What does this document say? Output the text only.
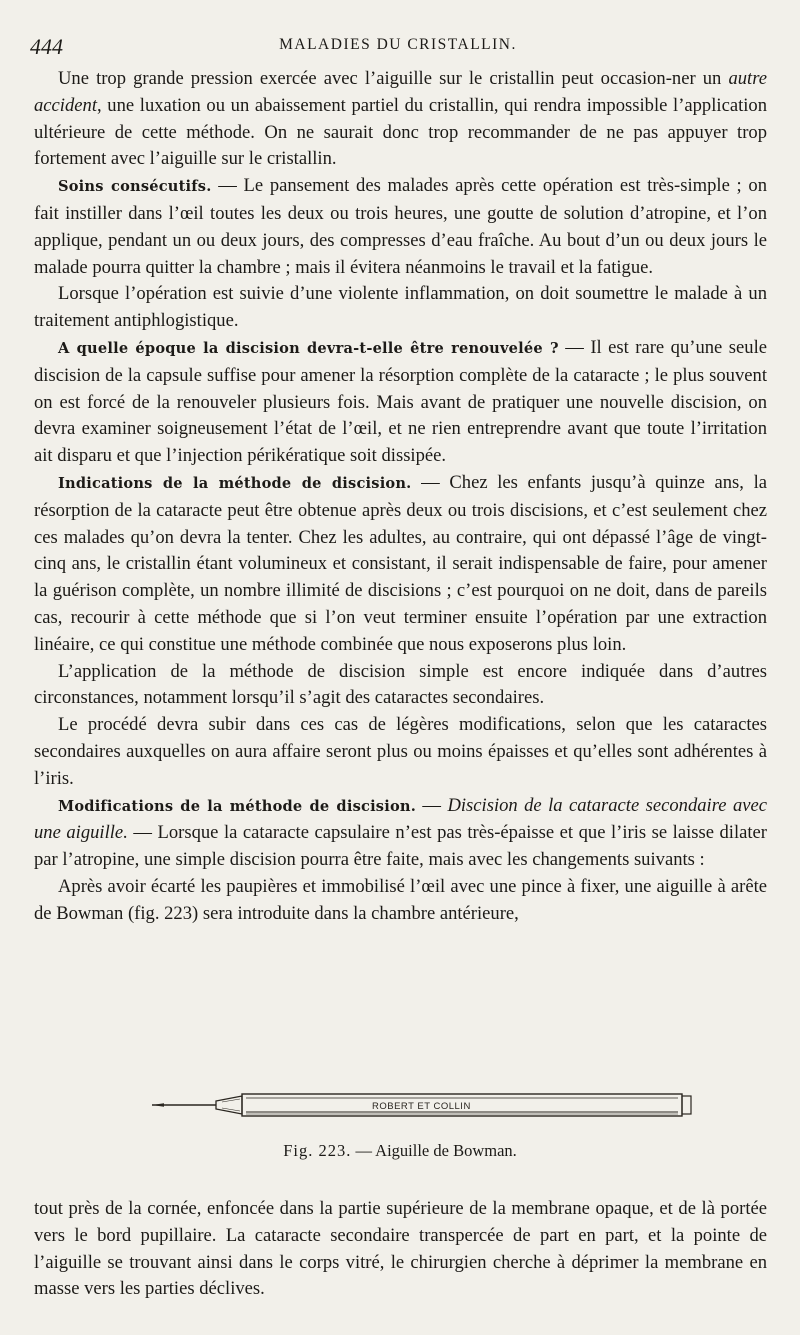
444	MALADIES DU CRISTALLIN.

Une trop grande pression exercée avec l’aiguille sur le cristallin peut occasion-ner un autre accident, une luxation ou un abaissement partiel du cristallin, qui rendra impossible l’application ultérieure de cette méthode. On ne saurait donc trop recommander de ne pas appuyer trop fortement avec l’aiguille sur le cristallin.

Soins consécutifs. — Le pansement des malades après cette opération est très-simple ; on fait instiller dans l’œil toutes les deux ou trois heures, une goutte de solution d’atropine, et l’on applique, pendant un ou deux jours, des compresses d’eau fraîche. Au bout d’un ou deux jours le malade pourra quitter la chambre ; mais il évitera néanmoins le travail et la fatigue.

Lorsque l’opération est suivie d’une violente inflammation, on doit soumettre le malade à un traitement antiphlogistique.

A quelle époque la discision devra-t-elle être renouvelée ? — Il est rare qu’une seule discision de la capsule suffise pour amener la résorption complète de la cataracte ; le plus souvent on est forcé de la renouveler plusieurs fois. Mais avant de pratiquer une nouvelle discision, on devra examiner soigneusement l’état de l’œil, et ne rien entreprendre avant que toute l’irritation ait disparu et que l’injection périkératique soit dissipée.

Indications de la méthode de discision. — Chez les enfants jusqu’à quinze ans, la résorption de la cataracte peut être obtenue après deux ou trois discisions, et c’est seulement chez ces malades qu’on devra la tenter. Chez les adultes, au contraire, qui ont dépassé l’âge de vingt-cinq ans, le cristallin étant volumineux et consistant, il serait indispensable de faire, pour amener la guérison complète, un nombre illimité de discisions ; c’est pourquoi on ne doit, dans de pareils cas, recourir à cette méthode que si l’on veut terminer ensuite l’opération par une extraction linéaire, ce qui constitue une méthode combinée que nous exposerons plus loin.

L’application de la méthode de discision simple est encore indiquée dans d’autres circonstances, notamment lorsqu’il s’agit des cataractes secondaires.

Le procédé devra subir dans ces cas de légères modifications, selon que les cataractes secondaires auxquelles on aura affaire seront plus ou moins épaisses et qu’elles sont adhérentes à l’iris.

Modifications de la méthode de discision. — Discision de la cataracte secondaire avec une aiguille. — Lorsque la cataracte capsulaire n’est pas très-épaisse et que l’iris se laisse dilater par l’atropine, une simple discision pourra être faite, mais avec les changements suivants :

Après avoir écarté les paupières et immobilisé l’œil avec une pince à fixer, une aiguille à arête de Bowman (fig. 223) sera introduite dans la chambre antérieure,

ROBERT ET COLLIN
Fig. 223. — Aiguille de Bowman.

tout près de la cornée, enfoncée dans la partie supérieure de la membrane opaque, et de là portée vers le bord pupillaire. La cataracte secondaire transpercée de part en part, et la pointe de l’aiguille se trouvant ainsi dans le corps vitré, le chirurgien cherche à déprimer la membrane en masse vers les parties déclives.
